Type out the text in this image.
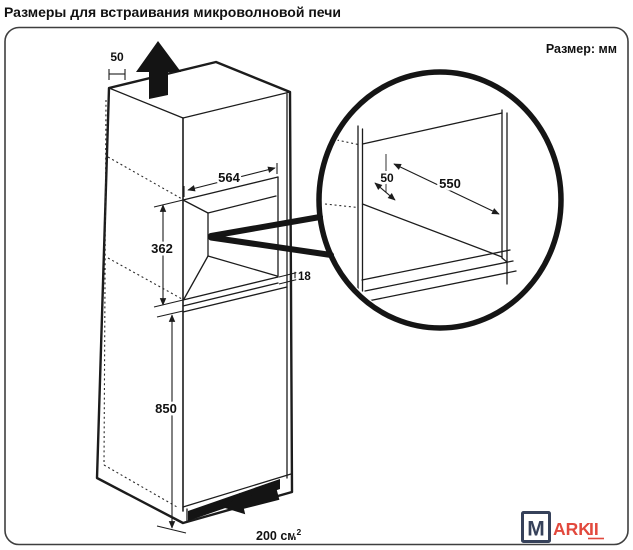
Размеры для встраивания микроволновой печи
Размер: мм
50
564
362
18
850
200 $см^2$
50	550
M ARK
II
